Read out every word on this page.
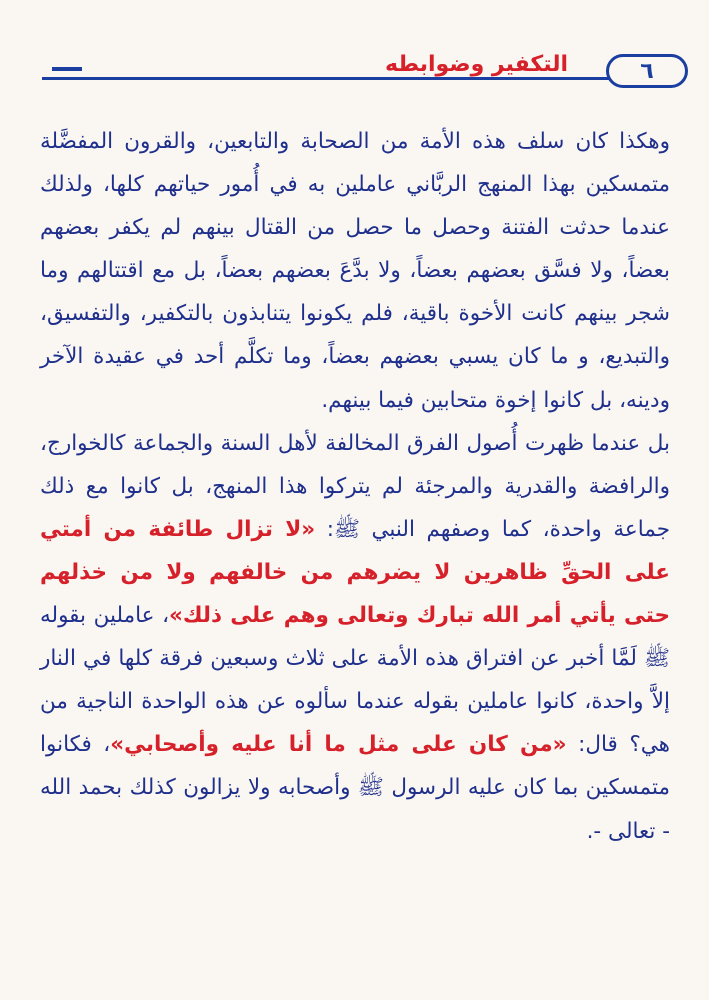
التكفير وضوابطه	٦

وهكذا كان سلف هذه الأمة من الصحابة والتابعين، والقرون المفضَّلة متمسكين بهذا المنهج الربَّاني عاملين به في أُمور حياتهم كلها، ولذلك عندما حدثت الفتنة وحصل ما حصل من القتال بينهم لم يكفر بعضهم بعضاً، ولا فسَّق بعضهم بعضاً، ولا بدَّعَ بعضهم بعضاً، بل مع اقتتالهم وما شجر بينهم كانت الأخوة باقية، فلم يكونوا يتنابذون بالتكفير، والتفسيق، والتبديع، و ما كان يسبي بعضهم بعضاً، وما تكلَّم أحد في عقيدة الآخر ودينه، بل كانوا إخوة متحابين فيما بينهم.

بل عندما ظهرت أُصول الفرق المخالفة لأهل السنة والجماعة كالخوارج، والرافضة والقدرية والمرجئة لم يتركوا هذا المنهج، بل كانوا مع ذلك جماعة واحدة، كما وصفهم النبي ﷺ: «لا تزال طائفة من أمتي على الحقِّ ظاهرين لا يضرهم من خالفهم ولا من خذلهم حتى يأتي أمر الله تبارك وتعالى وهم على ذلك»، عاملين بقوله ﷺ لَمَّا أخبر عن افتراق هذه الأمة على ثلاث وسبعين فرقة كلها في النار إلاَّ واحدة، كانوا عاملين بقوله عندما سألوه عن هذه الواحدة الناجية من هي؟ قال: «من كان على مثل ما أنا عليه وأصحابي»، فكانوا متمسكين بما كان عليه الرسول ﷺ وأصحابه ولا يزالون كذلك بحمد الله - تعالى -.
